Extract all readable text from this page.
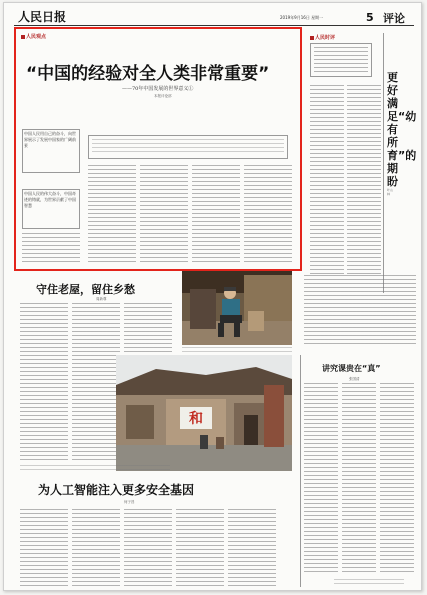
人民日报	2019年9月16日 星期一	5 评论
人民观点
“中国的经验对全人类非常重要”
——70年中国发展的世界意义①
本报评论部
中国人民用自己的奋斗，向世界展示了发展中国家的广阔前景
中国人民的伟大奋斗，中国奇迹的铸就，为世界贡献了中国智慧
人民时评
更好满足“幼有所育”的期盼
叶山林
守住老屋，留住乡愁
周新尊
和
为人工智能注入更多安全基因
何子昌
讲究课贵在“真”
张国清
